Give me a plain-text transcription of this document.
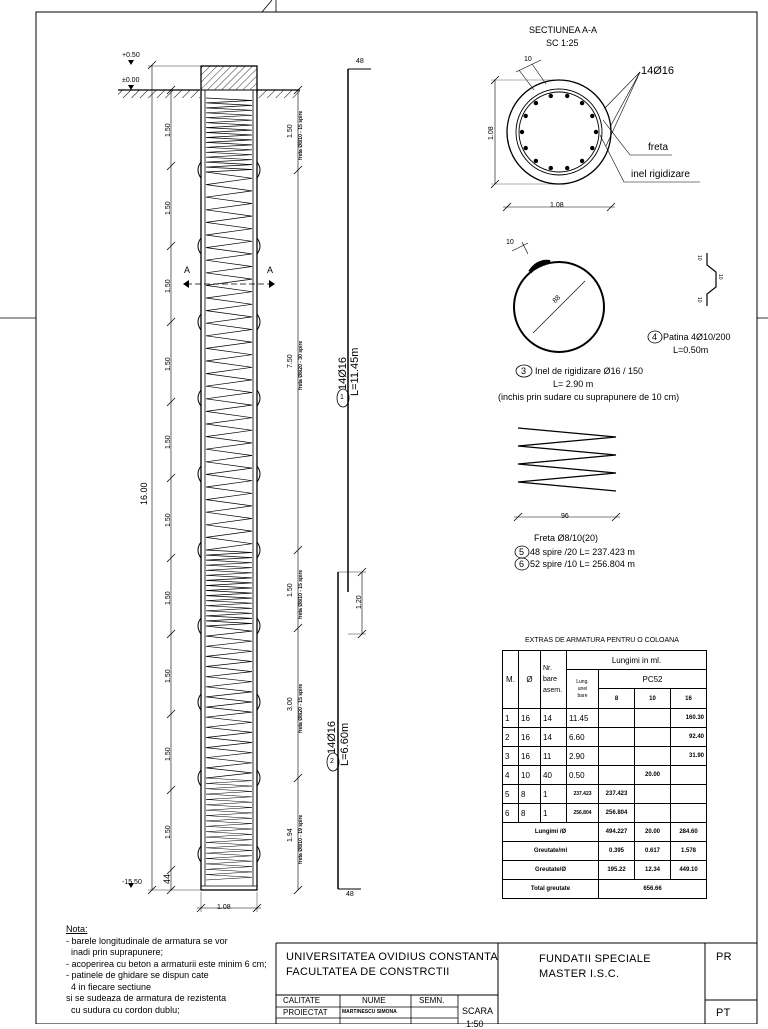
+0.50
±0.00
-15.50
A	A
16.00
44
1.50
1.50
1.50
1.50
1.50
1.50
1.50
1.50
1.50
1.50
1.50 freta Ø8/10 - 15 spire
7.50 freta Ø8/20 - 30 spire
1.50 freta Ø8/10 - 15 spire
3.00 freta Ø8/20 - 15 spire
1.94 freta Ø8/10 - 19 spire
1.08
48
48
1
14Ø16 L=11.45m
2
14Ø16 L=6.60m
1.20
SECTIUNEA A-A
SC 1:25
10
14Ø16
freta
inel rigidizare
1.08
1.08
10
88
3 Inel de rigidizare Ø16 / 150
L= 2.90 m
(inchis prin sudare cu suprapunere de 10 cm)
10
10
10
4 Patina 4Ø10/200
L=0.50m
96
Freta Ø8/10(20)
5 48 spire /20 L= 237.423 m
6 52 spire /10 L= 256.804 m
EXTRAS DE ARMATURA PENTRU O COLOANA
M.	Ø	Nr.
bare
asem.	Lungimi in ml.			

			Lung.
unei
bare	PC52		
				8	10	16
1	16	14	11.45			160.30
2	16	14	6.60			92.40
3	16	11	2.90			31.90
4	10	40	0.50		20.00	
5	8	1	237.423	237.423		
6	8	1	256.804	256.804		
Lungimi /Ø				494.227	20.00	284.60
Greutate/ml				0.395	0.617	1.578
Greutate/Ø				195.22	12.34	449.10
Total greutate				656.66		
Nota:
- barele longitudinale de armatura se vor
inadi prin suprapunere;
- acoperirea cu beton a armaturii este minim 6 cm;
- patinele de ghidare se dispun cate
4 in fiecare sectiune
si se sudeaza de armatura de rezistenta
cu sudura cu cordon dublu;
UNIVERSITATEA OVIDIUS CONSTANTA
FACULTATEA DE CONSTRCTII
FUNDATII SPECIALE
MASTER I.S.C.
PR
PT
CALITATE	NUME	SEMN.
PROIECTAT	MARTINESCU SIMONA	SCARA
1:50
